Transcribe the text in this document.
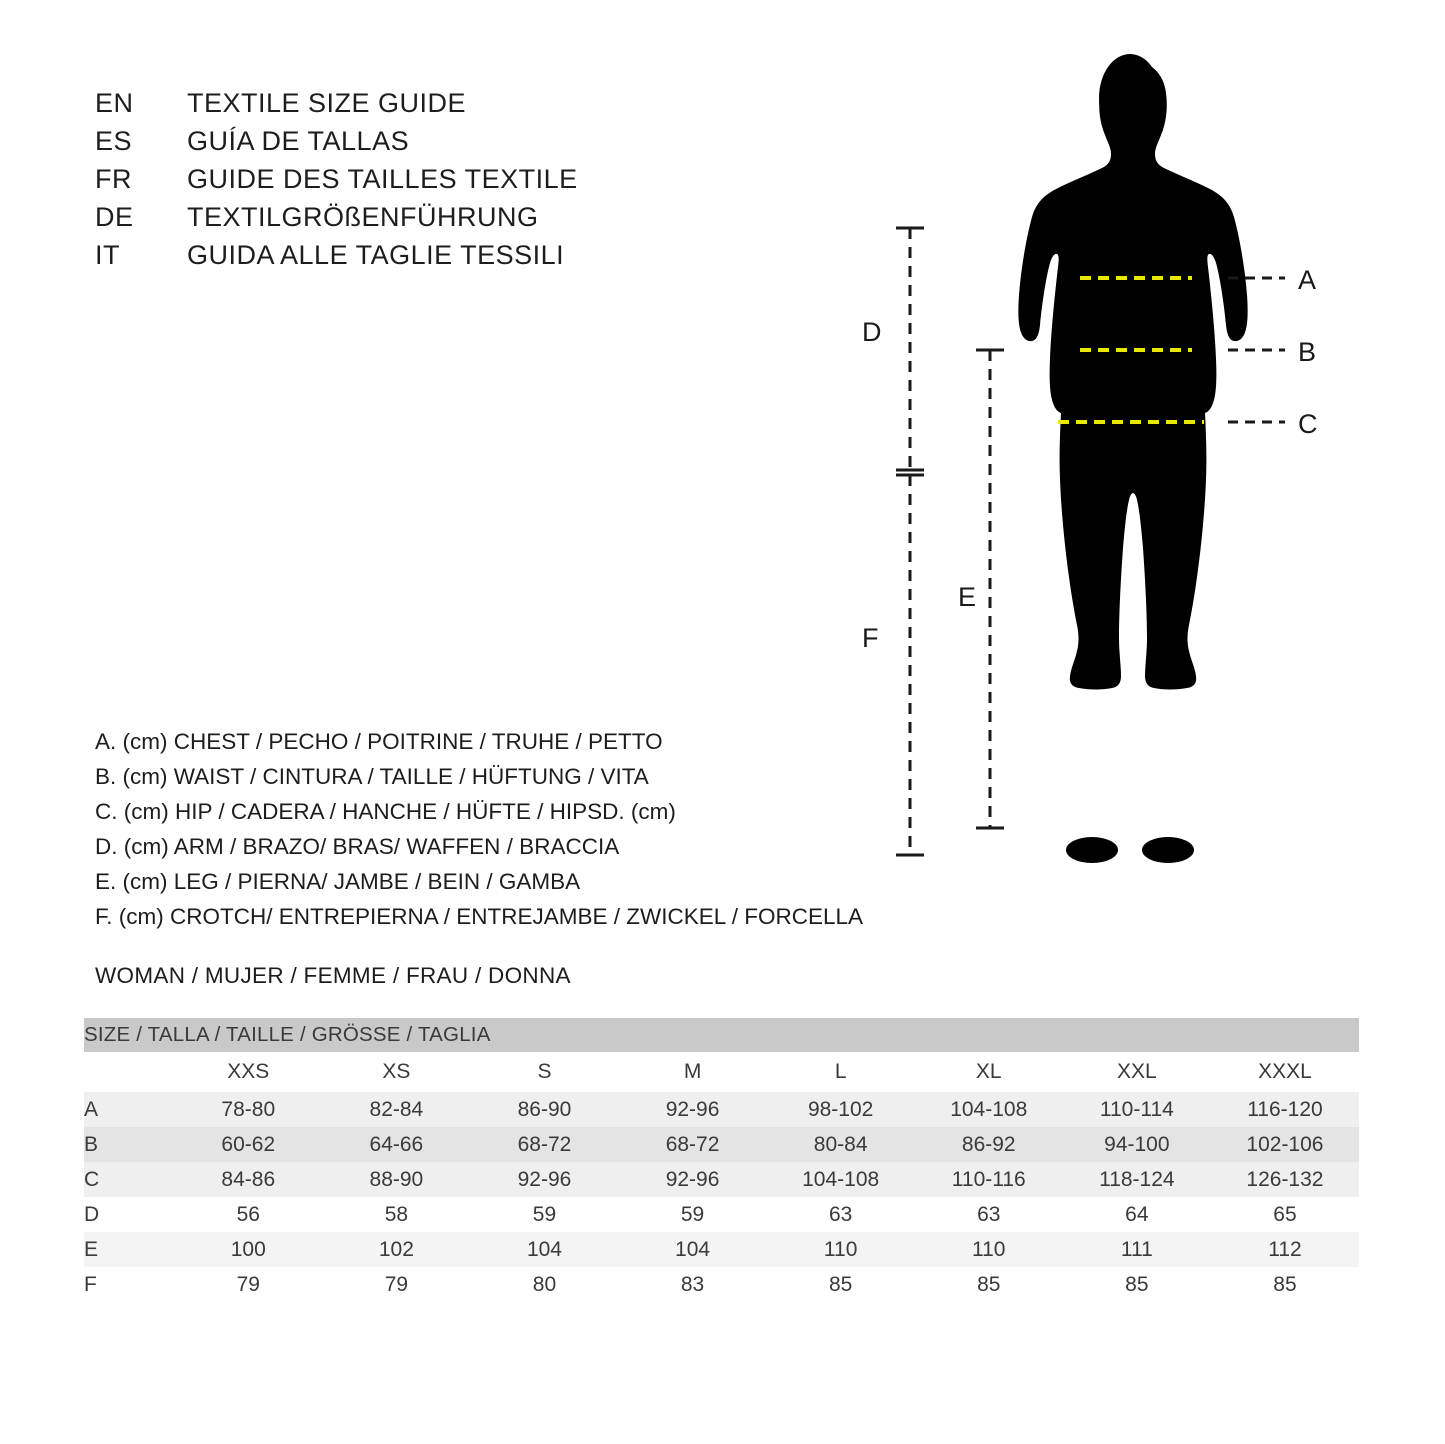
EN	TEXTILE SIZE GUIDE
ES	GUÍA DE TALLAS
FR	GUIDE DES TAILLES TEXTILE
DE	TEXTILGRÖßENFÜHRUNG
IT	GUIDA ALLE TAGLIE TESSILI
A. (cm) CHEST / PECHO / POITRINE / TRUHE / PETTO
B. (cm) WAIST / CINTURA / TAILLE / HÜFTUNG / VITA
C. (cm) HIP / CADERA / HANCHE / HÜFTE / HIPSD. (cm)
D. (cm) ARM / BRAZO/ BRAS/ WAFFEN / BRACCIA
E. (cm) LEG / PIERNA/ JAMBE / BEIN / GAMBA
F. (cm) CROTCH/ ENTREPIERNA / ENTREJAMBE / ZWICKEL / FORCELLA
WOMAN / MUJER / FEMME / FRAU / DONNA
A
B
C
D
F
E
SIZE / TALLA / TAILLE / GRÖSSE / TAGLIA								
	XXS	XS	S	M	L	XL	XXL	XXXL
A	78-80	82-84	86-90	92-96	98-102	104-108	110-114	116-120
B	60-62	64-66	68-72	68-72	80-84	86-92	94-100	102-106
C	84-86	88-90	92-96	92-96	104-108	110-116	118-124	126-132
D	56	58	59	59	63	63	64	65
E	100	102	104	104	110	110	111	112
F	79	79	80	83	85	85	85	85
